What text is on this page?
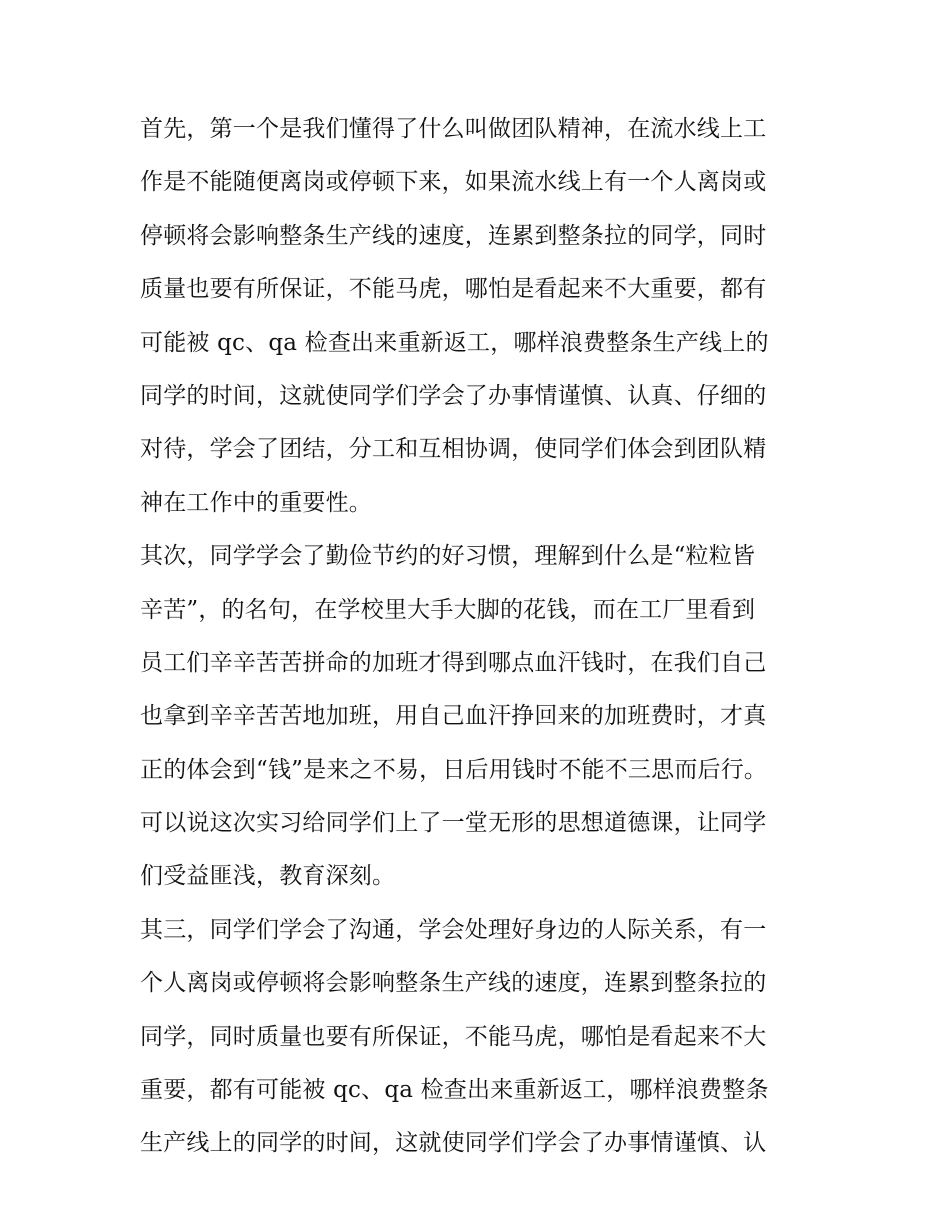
首先，第一个是我们懂得了什么叫做团队精神，在流水线上工
作是不能随便离岗或停顿下来，如果流水线上有一个人离岗或
停顿将会影响整条生产线的速度，连累到整条拉的同学，同时
质量也要有所保证，不能马虎，哪怕是看起来不大重要，都有
可能被 qc、qa 检查出来重新返工，哪样浪费整条生产线上的
同学的时间，这就使同学们学会了办事情谨慎、认真、仔细的
对待，学会了团结，分工和互相协调，使同学们体会到团队精
神在工作中的重要性。
其次，同学学会了勤俭节约的好习惯，理解到什么是“粒粒皆
辛苦”，的名句，在学校里大手大脚的花钱，而在工厂里看到
员工们辛辛苦苦拼命的加班才得到哪点血汗钱时，在我们自己
也拿到辛辛苦苦地加班，用自己血汗挣回来的加班费时，才真
正的体会到“钱”是来之不易，日后用钱时不能不三思而后行。
可以说这次实习给同学们上了一堂无形的思想道德课，让同学
们受益匪浅，教育深刻。
其三，同学们学会了沟通，学会处理好身边的人际关系，有一
个人离岗或停顿将会影响整条生产线的速度，连累到整条拉的
同学，同时质量也要有所保证，不能马虎，哪怕是看起来不大
重要，都有可能被 qc、qa 检查出来重新返工，哪样浪费整条
生产线上的同学的时间，这就使同学们学会了办事情谨慎、认
